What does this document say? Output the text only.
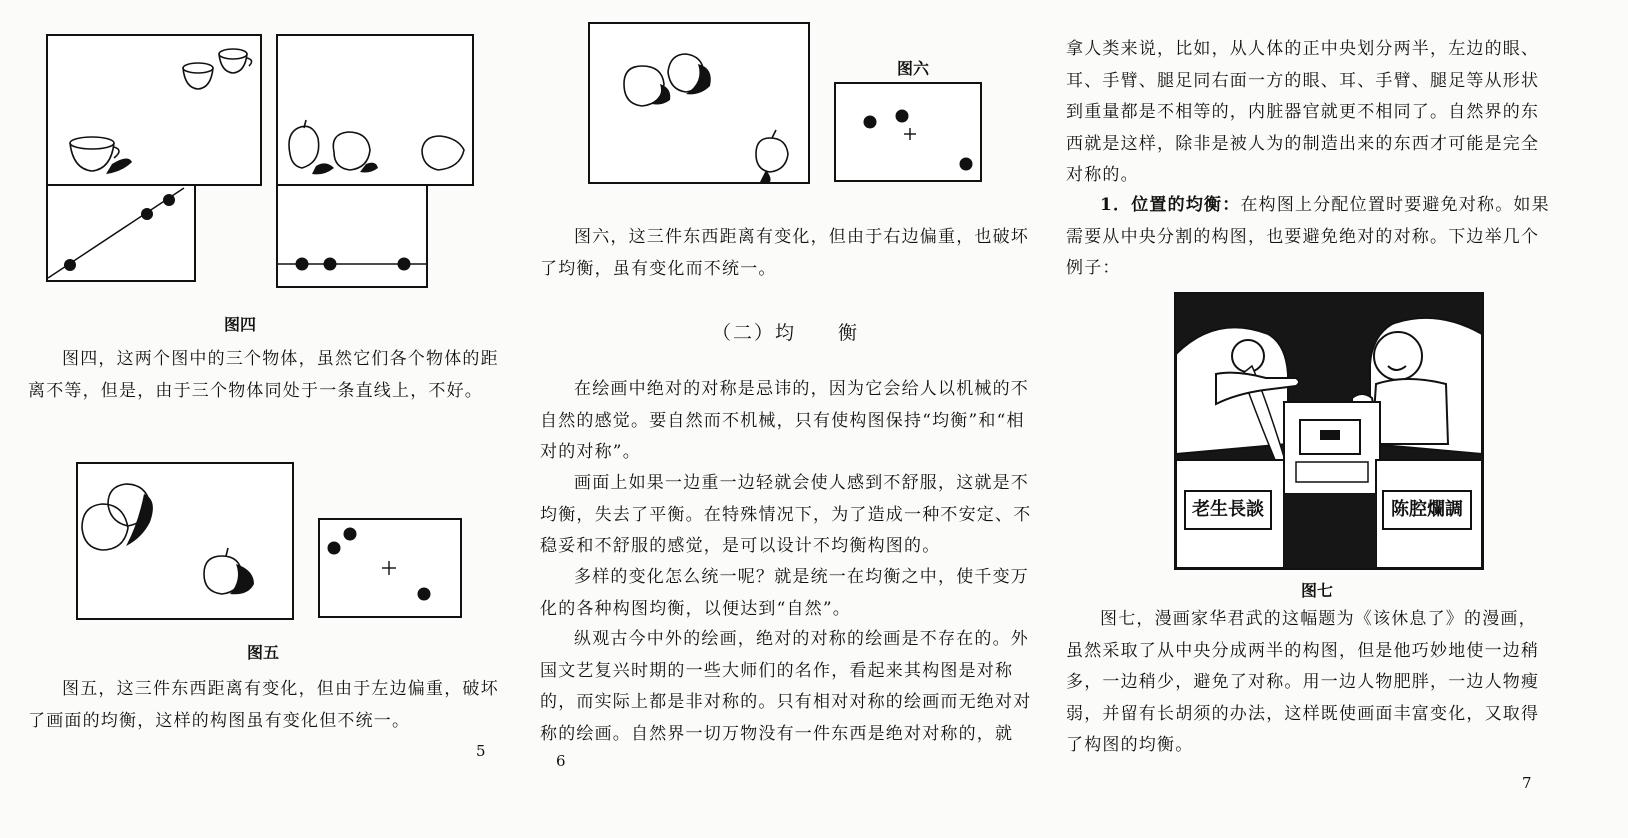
图四
图四，这两个图中的三个物体，虽然它们各个物体的距离不等，但是，由于三个物体同处于一条直线上，不好。
图五
图五，这三件东西距离有变化，但由于左边偏重，破坏了画面的均衡，这样的构图虽有变化但不统一。
5
图六
图六，这三件东西距离有变化，但由于右边偏重，也破坏了均衡，虽有变化而不统一。
（二）均　　衡
在绘画中绝对的对称是忌讳的，因为它会给人以机械的不自然的感觉。要自然而不机械，只有使构图保持“均衡”和“相对的对称”。
画面上如果一边重一边轻就会使人感到不舒服，这就是不均衡，失去了平衡。在特殊情况下，为了造成一种不安定、不稳妥和不舒服的感觉，是可以设计不均衡构图的。
多样的变化怎么统一呢？就是统一在均衡之中，使千变万化的各种构图均衡，以便达到“自然”。
纵观古今中外的绘画，绝对的对称的绘画是不存在的。外国文艺复兴时期的一些大师们的名作，看起来其构图是对称的，而实际上都是非对称的。只有相对对称的绘画而无绝对对称的绘画。自然界一切万物没有一件东西是绝对对称的，就
6
拿人类来说，比如，从人体的正中央划分两半，左边的眼、耳、手臂、腿足同右面一方的眼、耳、手臂、腿足等从形状到重量都是不相等的，内脏器官就更不相同了。自然界的东西就是这样，除非是被人为的制造出来的东西才可能是完全对称的。
1．位置的均衡：在构图上分配位置时要避免对称。如果需要从中央分割的构图，也要避免绝对的对称。下边举几个例子：
老生長談	陈腔爛調
图七
图七，漫画家华君武的这幅题为《该休息了》的漫画，虽然采取了从中央分成两半的构图，但是他巧妙地使一边稍多，一边稍少，避免了对称。用一边人物肥胖，一边人物瘦弱，并留有长胡须的办法，这样既使画面丰富变化，又取得了构图的均衡。
7
